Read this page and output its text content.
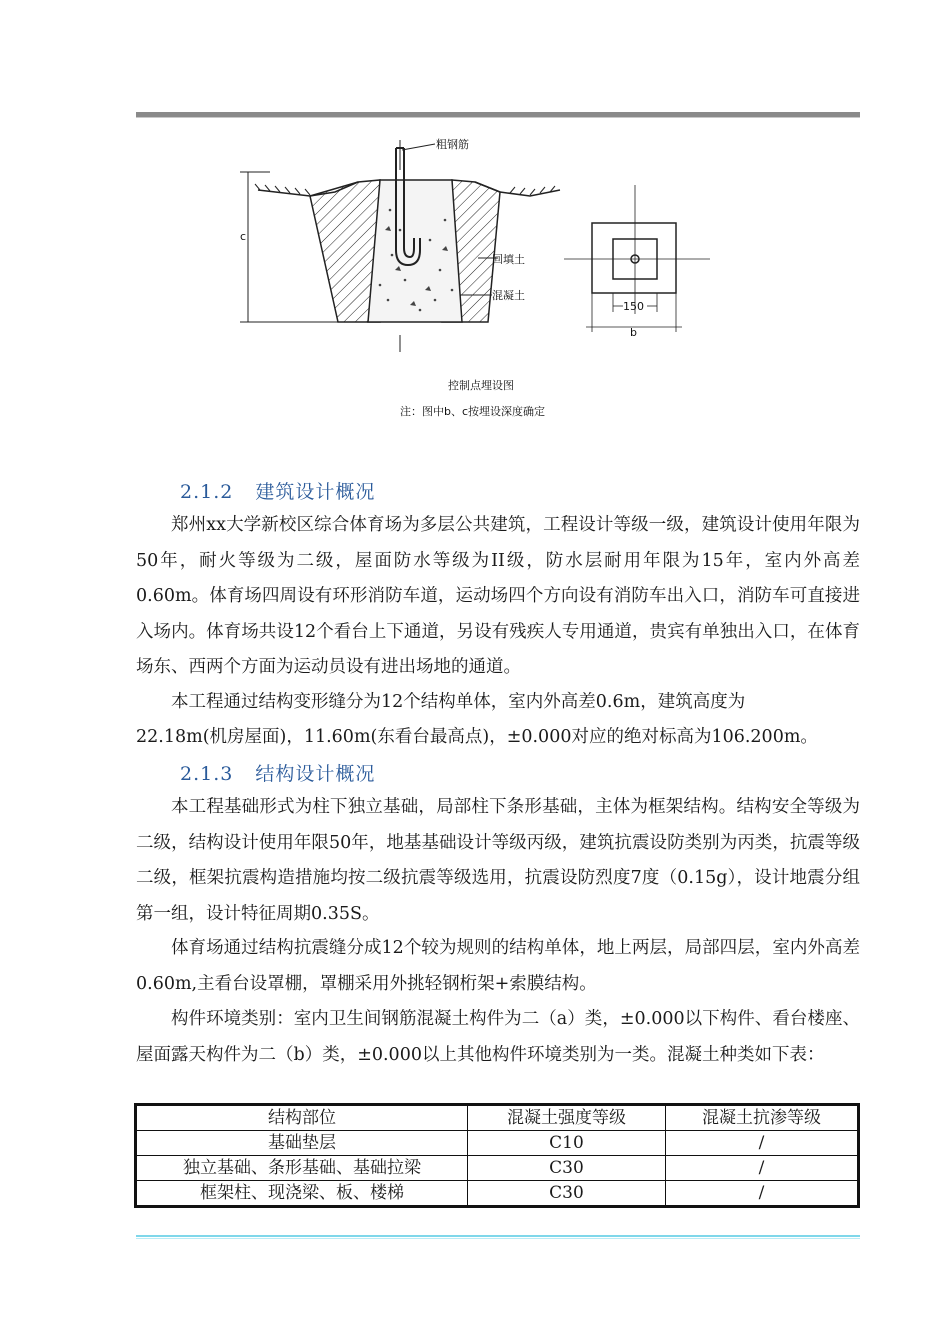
粗钢筋
回填土
混凝土
c
150
b
控制点埋设图
注：图中b、c按埋设深度确定
2.1.2 建筑设计概况

郑州xx大学新校区综合体育场为多层公共建筑，工程设计等级一级，建筑设计使用年限为50年，耐火等级为二级，屋面防水等级为II级，防水层耐用年限为15年，室内外高差0.60m。体育场四周设有环形消防车道，运动场四个方向设有消防车出入口，消防车可直接进入场内。体育场共设12个看台上下通道，另设有残疾人专用通道，贵宾有单独出入口，在体育场东、西两个方面为运动员设有进出场地的通道。

本工程通过结构变形缝分为12个结构单体，室内外高差0.6m，建筑高度为

22.18m(机房屋面)，11.60m(东看台最高点)，±0.000对应的绝对标高为106.200m。

2.1.3 结构设计概况

本工程基础形式为柱下独立基础，局部柱下条形基础，主体为框架结构。结构安全等级为二级，结构设计使用年限50年，地基基础设计等级丙级，建筑抗震设防类别为丙类，抗震等级二级，框架抗震构造措施均按二级抗震等级选用，抗震设防烈度7度（0.15g），设计地震分组第一组，设计特征周期0.35S。

体育场通过结构抗震缝分成12个较为规则的结构单体，地上两层，局部四层，室内外高差0.60m,主看台设罩棚，罩棚采用外挑轻钢桁架+索膜结构。

构件环境类别：室内卫生间钢筋混凝土构件为二（a）类，±0.000以下构件、看台楼座、屋面露天构件为二（b）类，±0.000以上其他构件环境类别为一类。混凝土种类如下表：

结构部位	混凝土强度等级	混凝土抗渗等级
基础垫层	C10	/
独立基础、条形基础、基础拉梁	C30	/
框架柱、现浇梁、板、楼梯	C30	/
